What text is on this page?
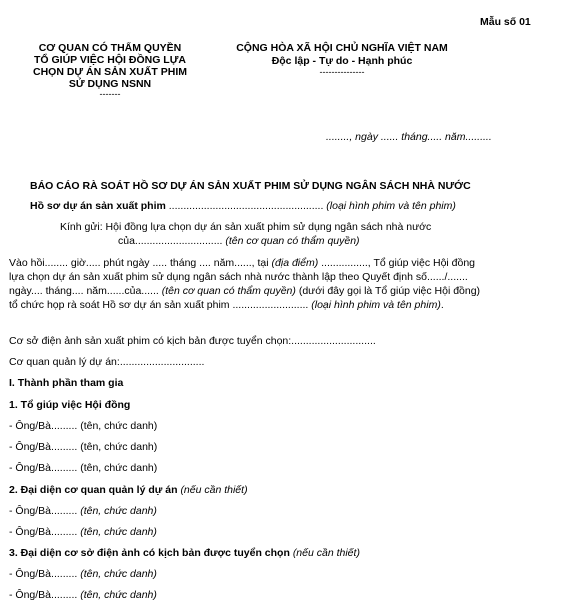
Mẫu số 01
CƠ QUAN CÓ THẨM QUYỀN
TỔ GIÚP VIỆC HỘI ĐỒNG LỰA
CHỌN DỰ ÁN SẢN XUẤT PHIM
SỬ DỤNG NSNN
-------
CỘNG HÒA XÃ HỘI CHỦ NGHĨA VIỆT NAM
Độc lập - Tự do - Hạnh phúc
---------------
........, ngày ...... tháng..... năm.........
BÁO CÁO RÀ SOÁT HỒ SƠ DỰ ÁN SẢN XUẤT PHIM SỬ DỤNG NGÂN SÁCH NHÀ NƯỚC
Hồ sơ dự án sản xuất phim ..................................................... (loại hình phim và tên phim)
Kính gửi: Hội đồng lựa chọn dự án sản xuất phim sử dụng ngân sách nhà nước
của.............................. (tên cơ quan có thẩm quyền)
Vào hồi........ giờ..... phút ngày ..... tháng .... năm......, tại (địa điểm) ................, Tổ giúp việc Hội đồng lựa chọn dự án sản xuất phim sử dụng ngân sách nhà nước thành lập theo Quyết định số....../....... ngày.... tháng.... năm......của...... (tên cơ quan có thẩm quyền) (dưới đây gọi là Tổ giúp việc Hội đồng) tổ chức họp rà soát Hồ sơ dự án sản xuất phim .......................... (loại hình phim và tên phim).
Cơ sở điện ảnh sản xuất phim có kịch bản được tuyển chọn:.............................
Cơ quan quản lý dự án:.............................
I. Thành phần tham gia
1. Tổ giúp việc Hội đồng
- Ông/Bà......... (tên, chức danh)
- Ông/Bà......... (tên, chức danh)
- Ông/Bà......... (tên, chức danh)
2. Đại diện cơ quan quản lý dự án (nếu cần thiết)
- Ông/Bà......... (tên, chức danh)
- Ông/Bà......... (tên, chức danh)
3. Đại diện cơ sở điện ảnh có kịch bản được tuyển chọn (nếu cần thiết)
- Ông/Bà......... (tên, chức danh)
- Ông/Bà......... (tên, chức danh)
